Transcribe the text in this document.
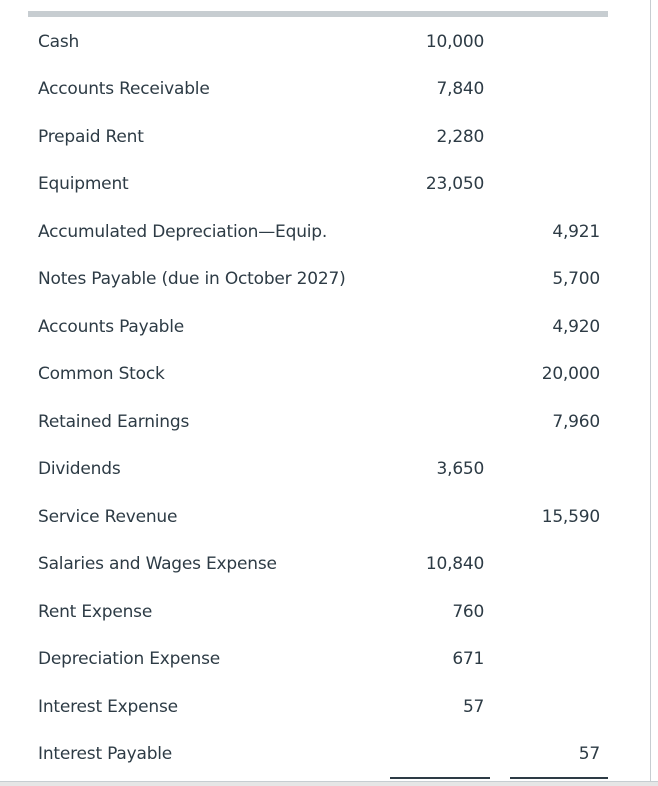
Cash	10,000		
Accounts Receivable	7,840		
Prepaid Rent	2,280		
Equipment	23,050		
Accumulated Depreciation—Equip.			4,921
Notes Payable (due in October 2027)			5,700
Accounts Payable			4,920
Common Stock			20,000
Retained Earnings			7,960
Dividends	3,650		
Service Revenue			15,590
Salaries and Wages Expense	10,840		
Rent Expense	760		
Depreciation Expense	671		
Interest Expense	57		
Interest Payable			57
